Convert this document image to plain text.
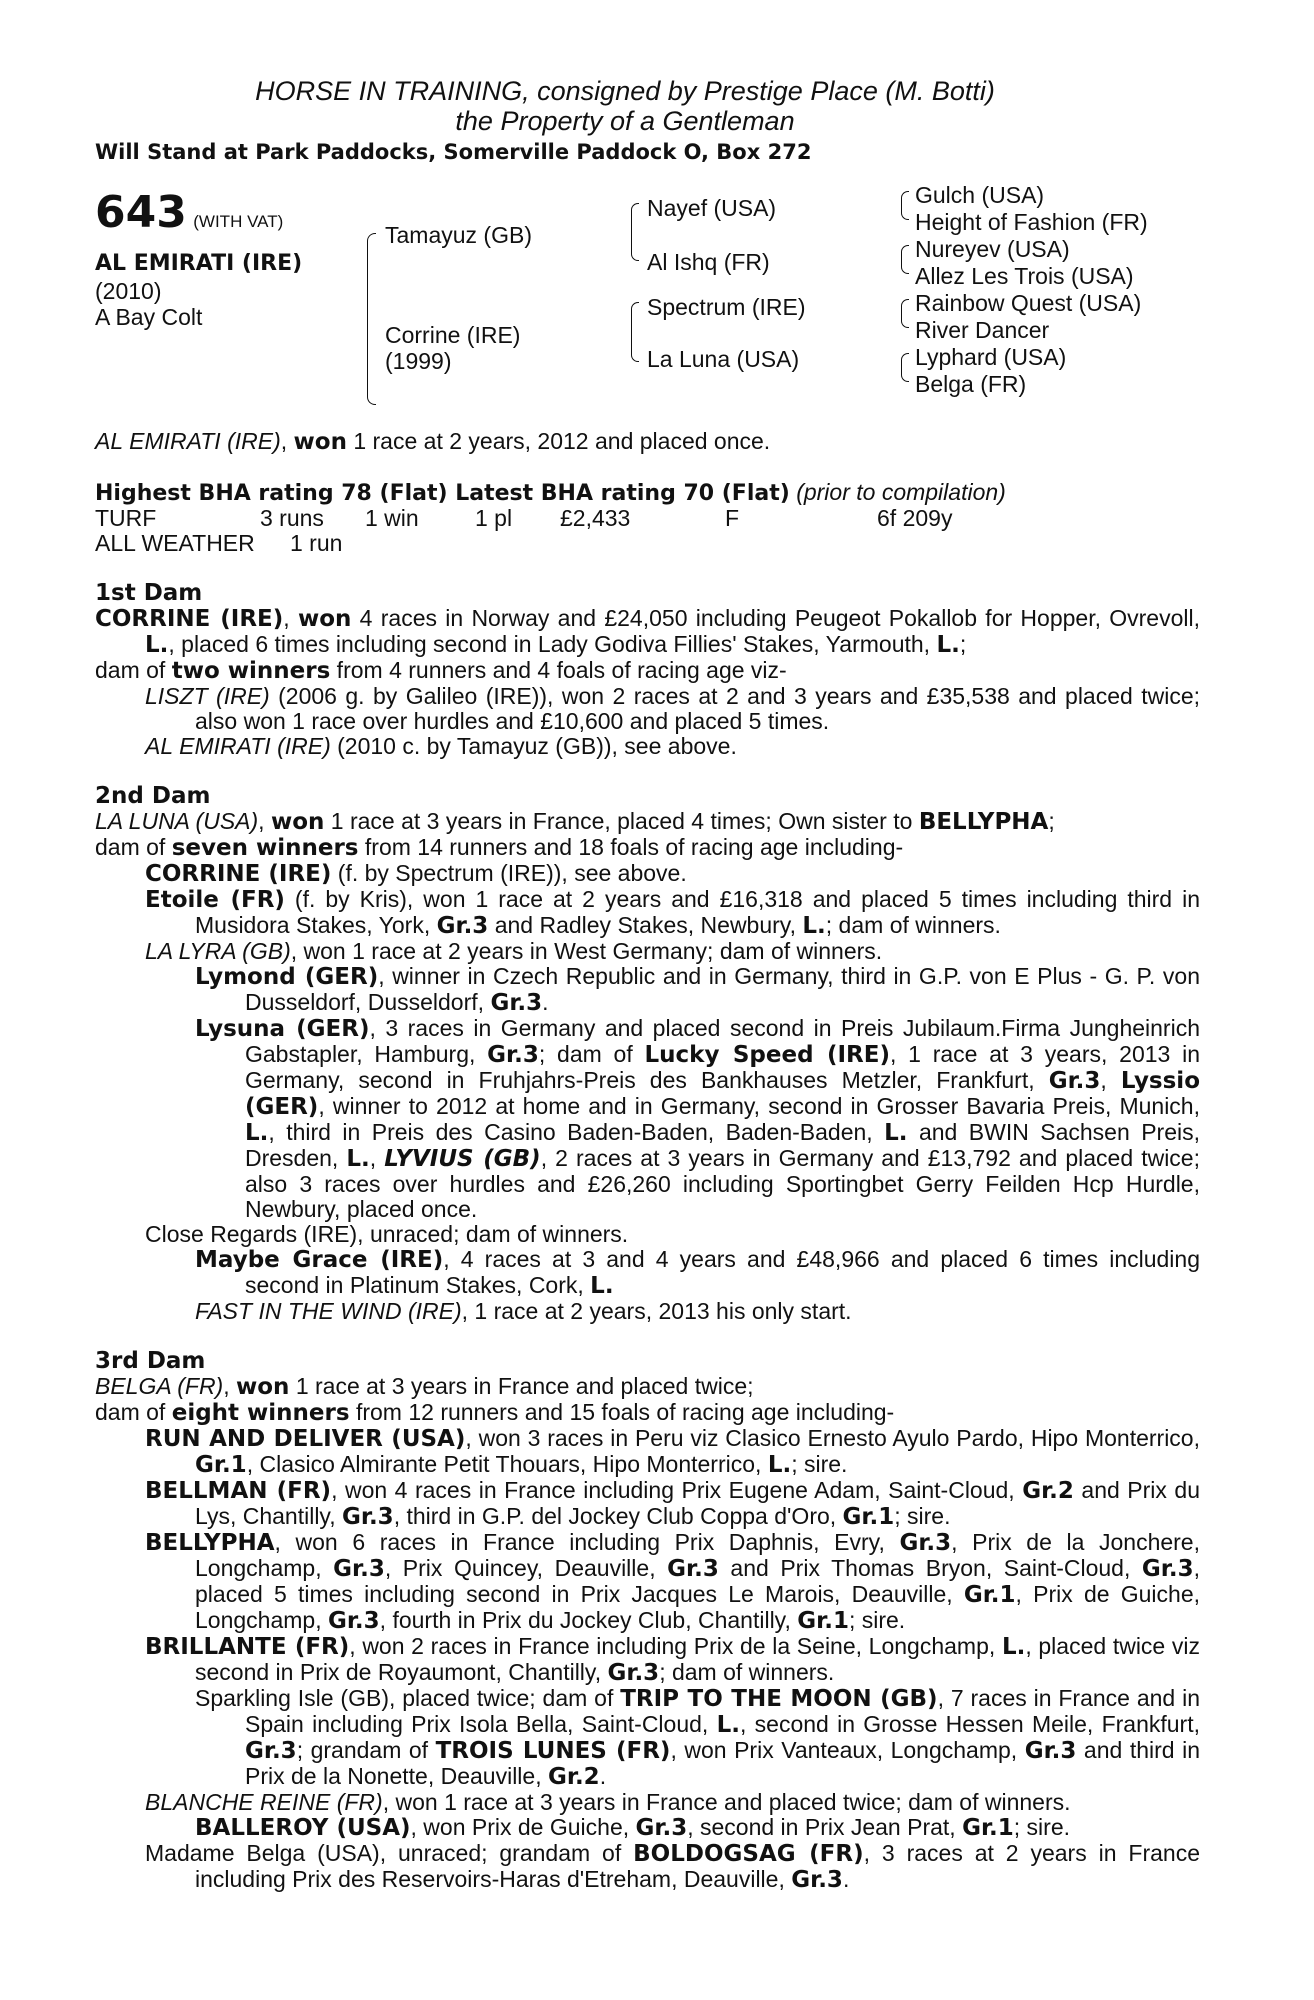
HORSE IN TRAINING, consigned by Prestige Place (M. Botti)
the Property of a Gentleman
Will Stand at Park Paddocks, Somerville Paddock O, Box 272
643 (WITH VAT)
AL EMIRATI (IRE)
(2010)
A Bay Colt
Tamayuz (GB)
Corrine (IRE)
(1999)
Nayef (USA)
Al Ishq (FR)
Spectrum (IRE)
La Luna (USA)
Gulch (USA)
Height of Fashion (FR)
Nureyev (USA)
Allez Les Trois (USA)
Rainbow Quest (USA)
River Dancer
Lyphard (USA)
Belga (FR)
AL EMIRATI (IRE), won 1 race at 2 years, 2012 and placed once.
Highest BHA rating 78 (Flat) Latest BHA rating 70 (Flat) (prior to compilation)
TURF	3 runs	1 win	1 pl	£2,433	F	6f 209y
ALL WEATHER	1 run
1st Dam
CORRINE (IRE), won 4 races in Norway and £24,050 including Peugeot Pokallob for Hopper, Ovrevoll, L., placed 6 times including second in Lady Godiva Fillies' Stakes, Yarmouth, L.;
dam of two winners from 4 runners and 4 foals of racing age viz-
LISZT (IRE) (2006 g. by Galileo (IRE)), won 2 races at 2 and 3 years and £35,538 and placed twice; also won 1 race over hurdles and £10,600 and placed 5 times.
AL EMIRATI (IRE) (2010 c. by Tamayuz (GB)), see above.
2nd Dam
LA LUNA (USA), won 1 race at 3 years in France, placed 4 times; Own sister to BELLYPHA;
dam of seven winners from 14 runners and 18 foals of racing age including-
CORRINE (IRE) (f. by Spectrum (IRE)), see above.
Etoile (FR) (f. by Kris), won 1 race at 2 years and £16,318 and placed 5 times including third in Musidora Stakes, York, Gr.3 and Radley Stakes, Newbury, L.; dam of winners.
LA LYRA (GB), won 1 race at 2 years in West Germany; dam of winners.
Lymond (GER), winner in Czech Republic and in Germany, third in G.P. von E Plus - G. P. von Dusseldorf, Dusseldorf, Gr.3.
Lysuna (GER), 3 races in Germany and placed second in Preis Jubilaum.Firma Jungheinrich Gabstapler, Hamburg, Gr.3; dam of Lucky Speed (IRE), 1 race at 3 years, 2013 in Germany, second in Fruhjahrs-Preis des Bankhauses Metzler, Frankfurt, Gr.3, Lyssio (GER), winner to 2012 at home and in Germany, second in Grosser Bavaria Preis, Munich, L., third in Preis des Casino Baden-Baden, Baden-Baden, L. and BWIN Sachsen Preis, Dresden, L., LYVIUS (GB), 2 races at 3 years in Germany and £13,792 and placed twice; also 3 races over hurdles and £26,260 including Sportingbet Gerry Feilden Hcp Hurdle, Newbury, placed once.
Close Regards (IRE), unraced; dam of winners.
Maybe Grace (IRE), 4 races at 3 and 4 years and £48,966 and placed 6 times including second in Platinum Stakes, Cork, L.
FAST IN THE WIND (IRE), 1 race at 2 years, 2013 his only start.
3rd Dam
BELGA (FR), won 1 race at 3 years in France and placed twice;
dam of eight winners from 12 runners and 15 foals of racing age including-
RUN AND DELIVER (USA), won 3 races in Peru viz Clasico Ernesto Ayulo Pardo, Hipo Monterrico, Gr.1, Clasico Almirante Petit Thouars, Hipo Monterrico, L.; sire.
BELLMAN (FR), won 4 races in France including Prix Eugene Adam, Saint-Cloud, Gr.2 and Prix du Lys, Chantilly, Gr.3, third in G.P. del Jockey Club Coppa d'Oro, Gr.1; sire.
BELLYPHA, won 6 races in France including Prix Daphnis, Evry, Gr.3, Prix de la Jonchere, Longchamp, Gr.3, Prix Quincey, Deauville, Gr.3 and Prix Thomas Bryon, Saint-Cloud, Gr.3, placed 5 times including second in Prix Jacques Le Marois, Deauville, Gr.1, Prix de Guiche, Longchamp, Gr.3, fourth in Prix du Jockey Club, Chantilly, Gr.1; sire.
BRILLANTE (FR), won 2 races in France including Prix de la Seine, Longchamp, L., placed twice viz second in Prix de Royaumont, Chantilly, Gr.3; dam of winners.
Sparkling Isle (GB), placed twice; dam of TRIP TO THE MOON (GB), 7 races in France and in Spain including Prix Isola Bella, Saint-Cloud, L., second in Grosse Hessen Meile, Frankfurt, Gr.3; grandam of TROIS LUNES (FR), won Prix Vanteaux, Longchamp, Gr.3 and third in Prix de la Nonette, Deauville, Gr.2.
BLANCHE REINE (FR), won 1 race at 3 years in France and placed twice; dam of winners.
BALLEROY (USA), won Prix de Guiche, Gr.3, second in Prix Jean Prat, Gr.1; sire.
Madame Belga (USA), unraced; grandam of BOLDOGSAG (FR), 3 races at 2 years in France including Prix des Reservoirs-Haras d'Etreham, Deauville, Gr.3.
